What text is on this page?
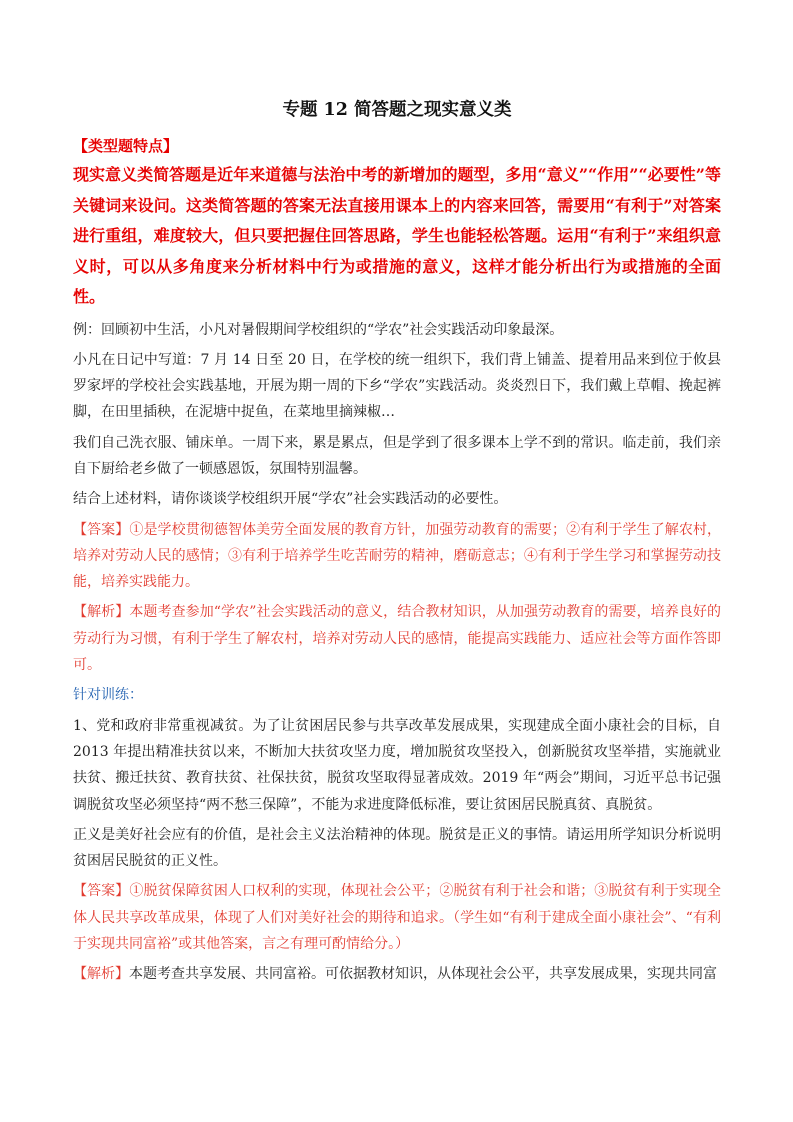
专题 12 简答题之现实意义类
【类型题特点】
现实意义类简答题是近年来道德与法治中考的新增加的题型，多用“意义”“作用”“必要性”等关键词来设问。这类简答题的答案无法直接用课本上的内容来回答，需要用“有利于”对答案进行重组，难度较大，但只要把握住回答思路，学生也能轻松答题。运用“有利于”来组织意义时，可以从多角度来分析材料中行为或措施的意义，这样才能分析出行为或措施的全面性。
例：回顾初中生活，小凡对暑假期间学校组织的“学农”社会实践活动印象最深。
小凡在日记中写道：7 月 14 日至 20 日，在学校的统一组织下，我们背上铺盖、提着用品来到位于攸县罗家坪的学校社会实践基地，开展为期一周的下乡“学农”实践活动。炎炎烈日下，我们戴上草帽、挽起裤脚，在田里插秧，在泥塘中捉鱼，在菜地里摘辣椒…
我们自己洗衣服、铺床单。一周下来，累是累点，但是学到了很多课本上学不到的常识。临走前，我们亲自下厨给老乡做了一顿感恩饭，氛围特别温馨。
结合上述材料，请你谈谈学校组织开展“学农”社会实践活动的必要性。
【答案】①是学校贯彻德智体美劳全面发展的教育方针，加强劳动教育的需要；②有利于学生了解农村，培养对劳动人民的感情；③有利于培养学生吃苦耐劳的精神，磨砺意志；④有利于学生学习和掌握劳动技能，培养实践能力。
【解析】本题考查参加“学农”社会实践活动的意义，结合教材知识，从加强劳动教育的需要，培养良好的劳动行为习惯，有利于学生了解农村，培养对劳动人民的感情，能提高实践能力、适应社会等方面作答即可。
针对训练：
1、党和政府非常重视减贫。为了让贫困居民参与共享改革发展成果，实现建成全面小康社会的目标，自 2013 年提出精准扶贫以来，不断加大扶贫攻坚力度，增加脱贫攻坚投入，创新脱贫攻坚举措，实施就业扶贫、搬迁扶贫、教育扶贫、社保扶贫，脱贫攻坚取得显著成效。2019 年“两会”期间，习近平总书记强调脱贫攻坚必须坚持“两不愁三保障”，不能为求进度降低标准，要让贫困居民脱真贫、真脱贫。
正义是美好社会应有的价值，是社会主义法治精神的体现。脱贫是正义的事情。请运用所学知识分析说明贫困居民脱贫的正义性。
【答案】①脱贫保障贫困人口权利的实现，体现社会公平；②脱贫有利于社会和谐；③脱贫有利于实现全体人民共享改革成果，体现了人们对美好社会的期待和追求。（学生如“有利于建成全面小康社会”、“有利于实现共同富裕”或其他答案，言之有理可酌情给分。）
【解析】本题考查共享发展、共同富裕。可依据教材知识，从体现社会公平，共享发展成果，实现共同富
